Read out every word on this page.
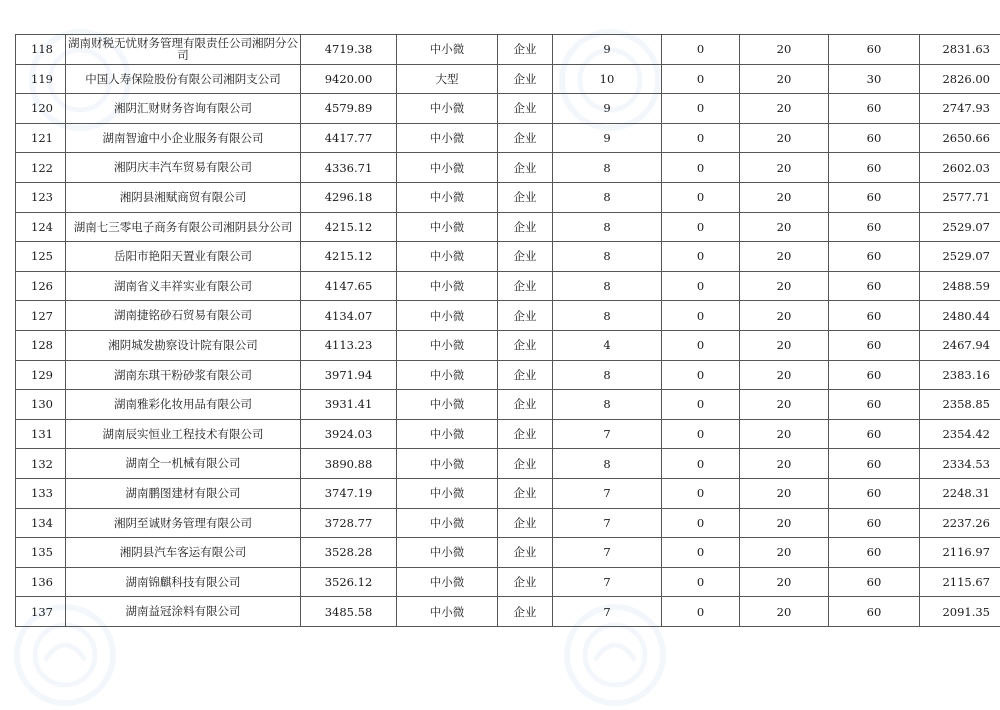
118	湖南财税无忧财务管理有限责任公司湘阴分公司	4719.38	中小微	企业	9	0	20	60	2831.63
119	中国人寿保险股份有限公司湘阴支公司	9420.00	大型	企业	10	0	20	30	2826.00
120	湘阴汇财财务咨询有限公司	4579.89	中小微	企业	9	0	20	60	2747.93
121	湖南智逾中小企业服务有限公司	4417.77	中小微	企业	9	0	20	60	2650.66
122	湘阴庆丰汽车贸易有限公司	4336.71	中小微	企业	8	0	20	60	2602.03
123	湘阴县湘赋商贸有限公司	4296.18	中小微	企业	8	0	20	60	2577.71
124	湖南七三零电子商务有限公司湘阴县分公司	4215.12	中小微	企业	8	0	20	60	2529.07
125	岳阳市艳阳天置业有限公司	4215.12	中小微	企业	8	0	20	60	2529.07
126	湖南省义丰祥实业有限公司	4147.65	中小微	企业	8	0	20	60	2488.59
127	湖南捷铭砂石贸易有限公司	4134.07	中小微	企业	8	0	20	60	2480.44
128	湘阴城发勘察设计院有限公司	4113.23	中小微	企业	4	0	20	60	2467.94
129	湖南东琪干粉砂浆有限公司	3971.94	中小微	企业	8	0	20	60	2383.16
130	湖南雅彩化妆用品有限公司	3931.41	中小微	企业	8	0	20	60	2358.85
131	湖南辰实恒业工程技术有限公司	3924.03	中小微	企业	7	0	20	60	2354.42
132	湖南仝一机械有限公司	3890.88	中小微	企业	8	0	20	60	2334.53
133	湖南鹏图建材有限公司	3747.19	中小微	企业	7	0	20	60	2248.31
134	湘阴至诚财务管理有限公司	3728.77	中小微	企业	7	0	20	60	2237.26
135	湘阴县汽车客运有限公司	3528.28	中小微	企业	7	0	20	60	2116.97
136	湖南锦麒科技有限公司	3526.12	中小微	企业	7	0	20	60	2115.67
137	湖南益冠涂料有限公司	3485.58	中小微	企业	7	0	20	60	2091.35
